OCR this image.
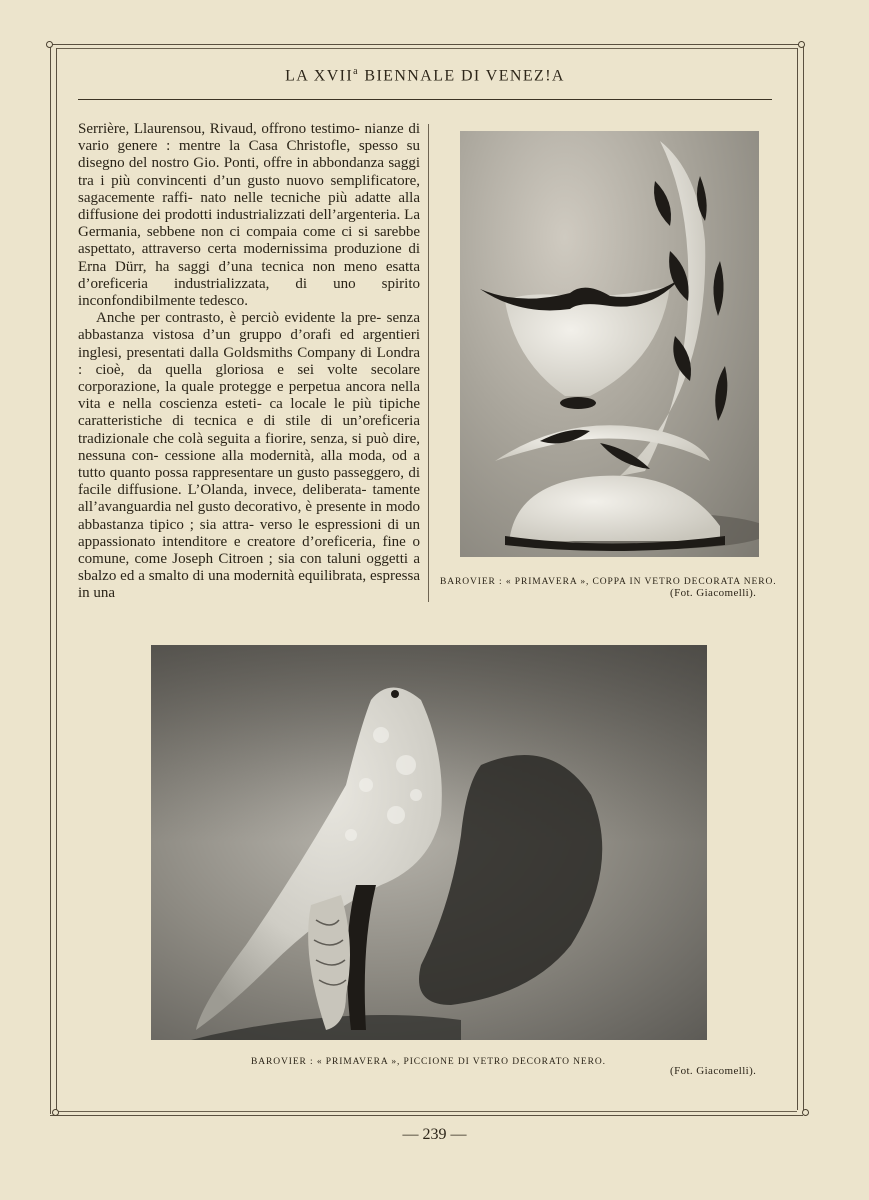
LA XVII$^a$ BIENNALE DI VENEZ!A

Serrière, Llaurensou, Rivaud, offrono testimo- nianze di vario genere : mentre la Casa Christofle, spesso su disegno del nostro Gio. Ponti, offre in abbondanza saggi tra i più convincenti d’un gusto nuovo semplificatore, sagacemente raffi- nato nelle tecniche più adatte alla diffusione dei prodotti industrializzati dell’argenteria. La Germania, sebbene non ci compaia come ci si sarebbe aspettato, attraverso certa modernissima produzione di Erna Dürr, ha saggi d’una tecnica non meno esatta d’oreficeria industrializzata, di uno spirito inconfondibilmente tedesco.

Anche per contrasto, è perciò evidente la pre- senza abbastanza vistosa d’un gruppo d’orafi ed argentieri inglesi, presentati dalla Goldsmiths Company di Londra : cioè, da quella gloriosa e sei volte secolare corporazione, la quale protegge e perpetua ancora nella vita e nella coscienza esteti- ca locale le più tipiche caratteristiche di tecnica e di stile di un’oreficeria tradizionale che colà seguita a fiorire, senza, si può dire, nessuna con- cessione alla modernità, alla moda, od a tutto quanto possa rappresentare un gusto passeggero, di facile diffusione. L’Olanda, invece, deliberata- tamente all’avanguardia nel gusto decorativo, è presente in modo abbastanza tipico ; sia attra- verso le espressioni di un appassionato intenditore e creatore d’oreficeria, fine o comune, come Joseph Citroen ; sia con taluni oggetti a sbalzo ed a smalto di una modernità equilibrata, espressa in una

BAROVIER : « PRIMAVERA », COPPA IN VETRO DECORATA NERO.
(Fot. Giacomelli).
BAROVIER : « PRIMAVERA », PICCIONE DI VETRO DECORATO NERO.
(Fot. Giacomelli).
— 239 —
